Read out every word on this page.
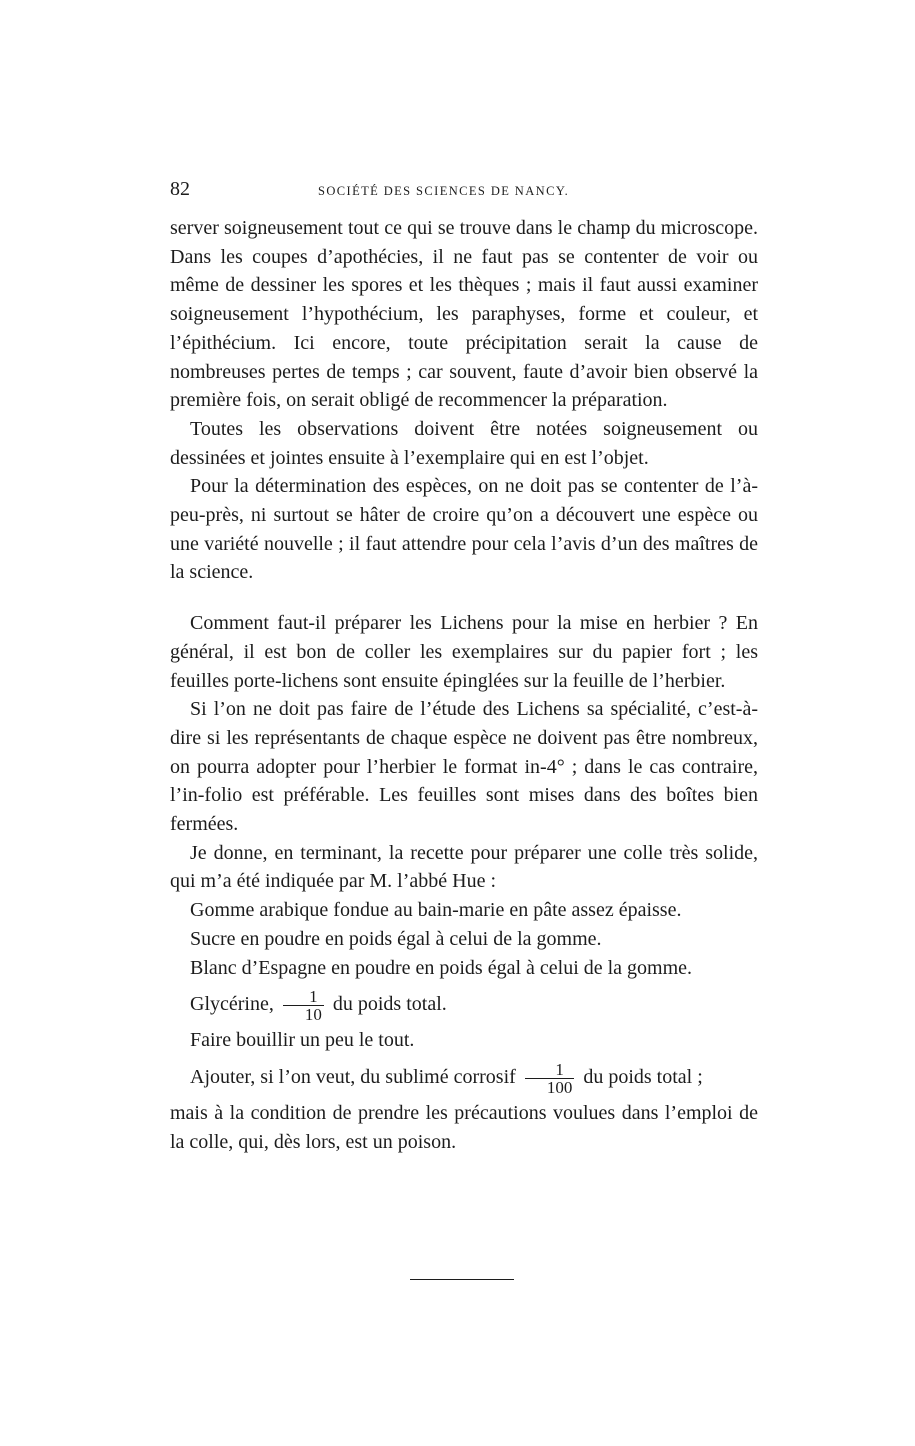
82	SOCIÉTÉ DES SCIENCES DE NANCY.

server soigneusement tout ce qui se trouve dans le champ du microscope. Dans les coupes d’apothécies, il ne faut pas se contenter de voir ou même de dessiner les spores et les thèques ; mais il faut aussi examiner soigneusement l’hypothécium, les paraphyses, forme et couleur, et l’épithécium. Ici encore, toute précipitation serait la cause de nombreuses pertes de temps ; car souvent, faute d’avoir bien observé la première fois, on serait obligé de recommencer la préparation.

Toutes les observations doivent être notées soigneusement ou dessinées et jointes ensuite à l’exemplaire qui en est l’objet.

Pour la détermination des espèces, on ne doit pas se contenter de l’à-peu-près, ni surtout se hâter de croire qu’on a découvert une espèce ou une variété nouvelle ; il faut attendre pour cela l’avis d’un des maîtres de la science.

Comment faut-il préparer les Lichens pour la mise en herbier ? En général, il est bon de coller les exemplaires sur du papier fort ; les feuilles porte-lichens sont ensuite épinglées sur la feuille de l’herbier.

Si l’on ne doit pas faire de l’étude des Lichens sa spécialité, c’est-à-dire si les représentants de chaque espèce ne doivent pas être nombreux, on pourra adopter pour l’herbier le format in-4° ; dans le cas contraire, l’in-folio est préférable. Les feuilles sont mises dans des boîtes bien fermées.

Je donne, en terminant, la recette pour préparer une colle très solide, qui m’a été indiquée par M. l’abbé Hue :

Gomme arabique fondue au bain-marie en pâte assez épaisse.

Sucre en poudre en poids égal à celui de la gomme.

Blanc d’Espagne en poudre en poids égal à celui de la gomme.

Glycérine, $\frac{1}{10}$ du poids total.

Faire bouillir un peu le tout.

Ajouter, si l’on veut, du sublimé corrosif $\frac{1}{100}$ du poids total ;

mais à la condition de prendre les précautions voulues dans l’emploi de la colle, qui, dès lors, est un poison.
